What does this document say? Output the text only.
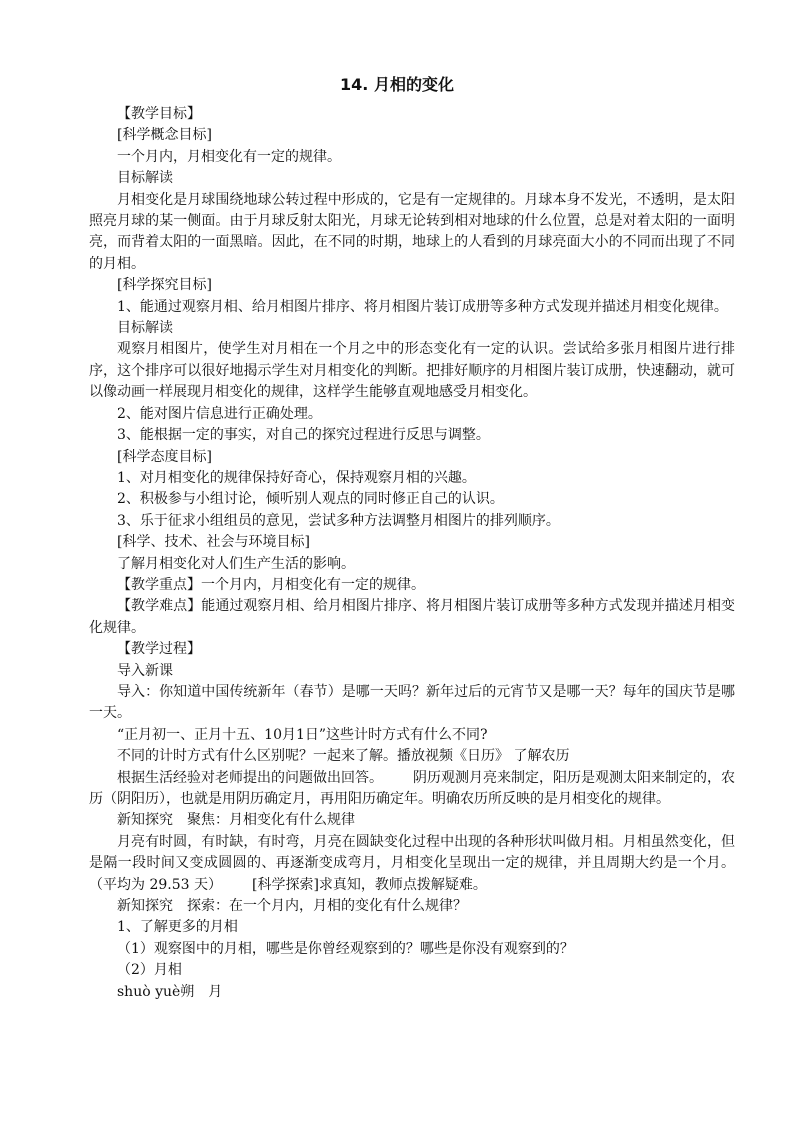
14. 月相的变化

【教学目标】

[科学概念目标]

一个月内，月相变化有一定的规律。

目标解读

月相变化是月球围绕地球公转过程中形成的，它是有一定规律的。月球本身不发光，不透明，是太阳照亮月球的某一侧面。由于月球反射太阳光，月球无论转到相对地球的什么位置，总是对着太阳的一面明亮，而背着太阳的一面黑暗。因此，在不同的时期，地球上的人看到的月球亮面大小的不同而出现了不同的月相。

[科学探究目标]

1、能通过观察月相、给月相图片排序、将月相图片装订成册等多种方式发现并描述月相变化规律。

目标解读

观察月相图片，使学生对月相在一个月之中的形态变化有一定的认识。尝试给多张月相图片进行排序，这个排序可以很好地揭示学生对月相变化的判断。把排好顺序的月相图片装订成册，快速翻动，就可以像动画一样展现月相变化的规律，这样学生能够直观地感受月相变化。

2、能对图片信息进行正确处理。

3、能根据一定的事实，对自己的探究过程进行反思与调整。

[科学态度目标]

1、对月相变化的规律保持好奇心，保持观察月相的兴趣。

2、积极参与小组讨论，倾听别人观点的同时修正自己的认识。

3、乐于征求小组组员的意见，尝试多种方法调整月相图片的排列顺序。

[科学、技术、社会与环境目标]

了解月相变化对人们生产生活的影响。

【教学重点】一个月内，月相变化有一定的规律。

【教学难点】能通过观察月相、给月相图片排序、将月相图片装订成册等多种方式发现并描述月相变化规律。

【教学过程】

导入新课

导入：你知道中国传统新年（春节）是哪一天吗？新年过后的元宵节又是哪一天？每年的国庆节是哪一天。

“正月初一、正月十五、10月1日”这些计时方式有什么不同?

不同的计时方式有什么区别呢？一起来了解。播放视频《日历》 了解农历

根据生活经验对老师提出的问题做出回答。 阴历观测月亮来制定，阳历是观测太阳来制定的，农历（阴阳历），也就是用阴历确定月，再用阳历确定年。明确农历所反映的是月相变化的规律。

新知探究　聚焦：月相变化有什么规律

月亮有时圆，有时缺，有时弯，月亮在圆缺变化过程中出现的各种形状叫做月相。月相虽然变化，但是隔一段时间又变成圆圆的、再逐渐变成弯月，月相变化呈现出一定的规律，并且周期大约是一个月。（平均为 29.53 天） [科学探索]求真知，教师点拨解疑难。

新知探究　探索：在一个月内，月相的变化有什么规律？

1、了解更多的月相

（1）观察图中的月相，哪些是你曾经观察到的？哪些是你没有观察到的？

（2）月相

shuò yuè朔　月
